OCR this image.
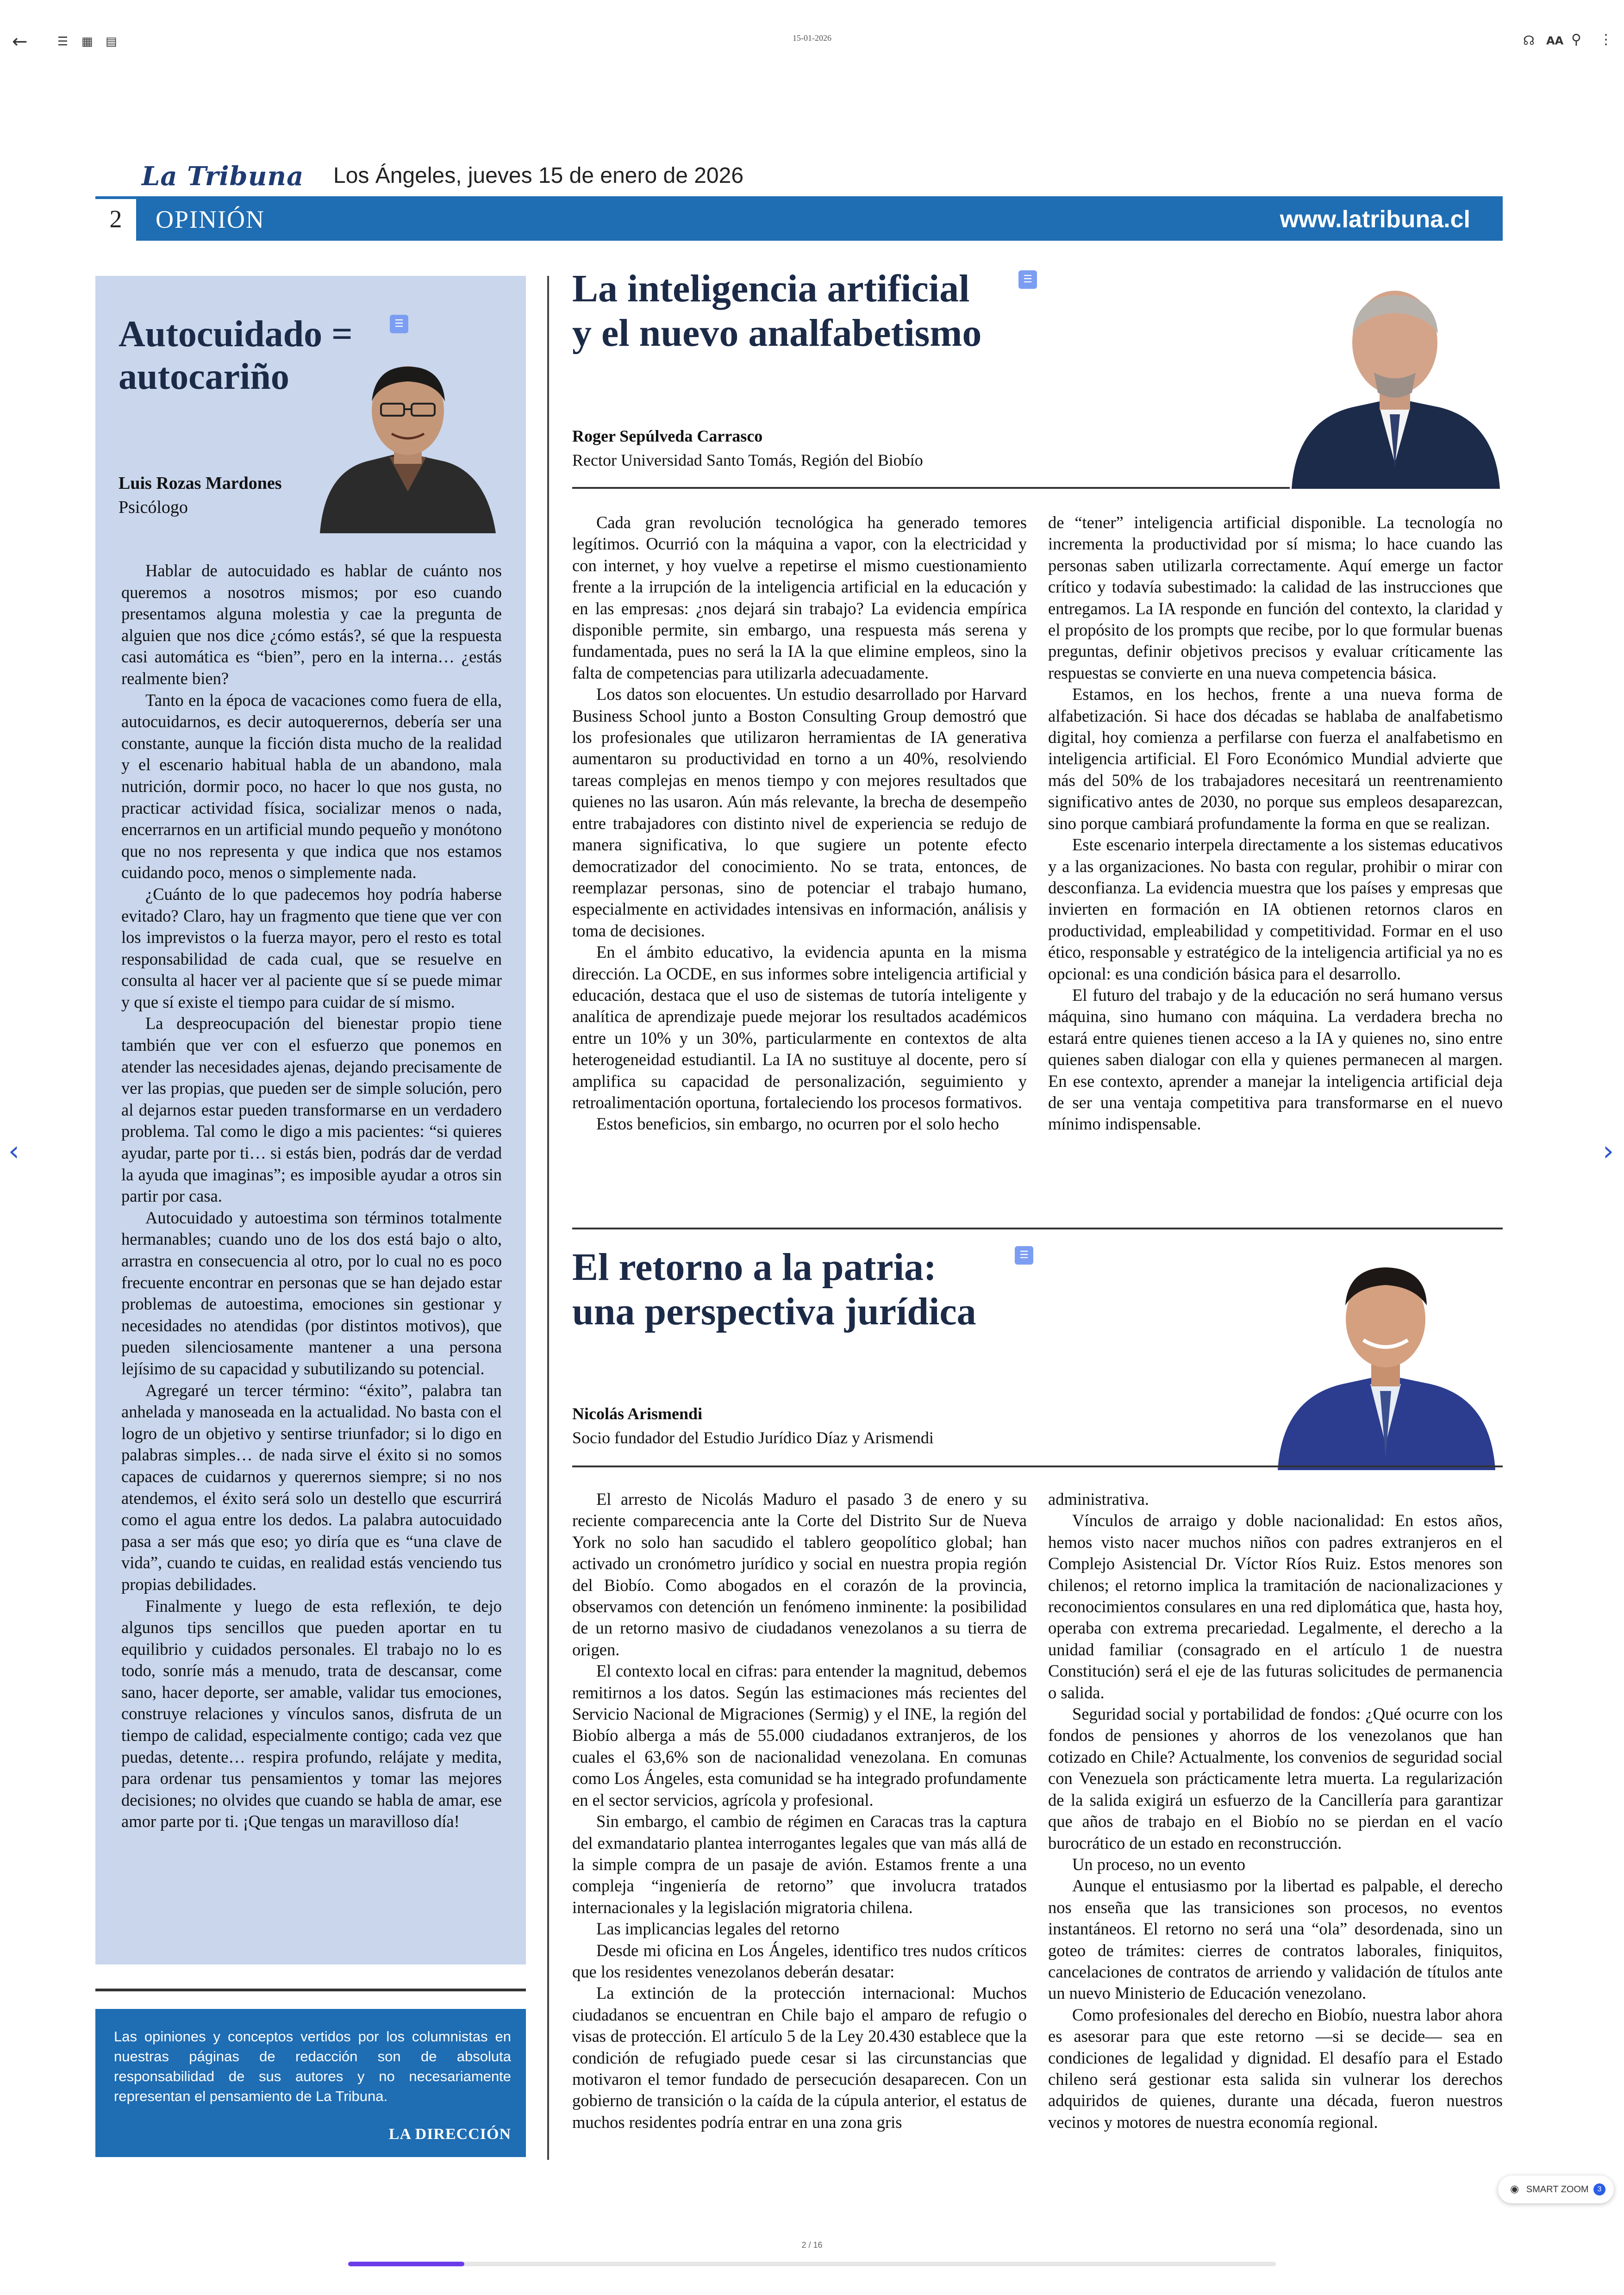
← ☰ ▦ ▤	15-01-2026	☊ AA ⚲ ⋮
La Tribuna Los Ángeles, jueves 15 de enero de 2026
2	OPINIÓN	www.latribuna.cl
Autocuidado =
autocariño
☰
Luis Rozas Mardones
Psicólogo

Hablar de autocuidado es hablar de cuánto nos queremos a nosotros mismos; por eso cuando presentamos alguna molestia y cae la pregunta de alguien que nos dice ¿cómo estás?, sé que la respuesta casi automática es “bien”, pero en la interna… ¿estás realmente bien?

Tanto en la época de vacaciones como fuera de ella, autocuidarnos, es decir autoquerernos, debería ser una constante, aunque la ficción dista mucho de la realidad y el escenario habitual habla de un abandono, mala nutrición, dormir poco, no hacer lo que nos gusta, no practicar actividad física, socializar menos o nada, encerrarnos en un artificial mundo pequeño y monótono que no nos representa y que indica que nos estamos cuidando poco, menos o simplemente nada.

¿Cuánto de lo que padecemos hoy podría haberse evitado? Claro, hay un fragmento que tiene que ver con los imprevistos o la fuerza mayor, pero el resto es total responsabilidad de cada cual, que se resuelve en consulta al hacer ver al paciente que sí se puede mimar y que sí existe el tiempo para cuidar de sí mismo.

La despreocupación del bienestar propio tiene también que ver con el esfuerzo que ponemos en atender las necesidades ajenas, dejando precisamente de ver las propias, que pueden ser de simple solución, pero al dejarnos estar pueden transformarse en un verdadero problema. Tal como le digo a mis pacientes: “si quieres ayudar, parte por ti… si estás bien, podrás dar de verdad la ayuda que imaginas”; es imposible ayudar a otros sin partir por casa.

Autocuidado y autoestima son términos totalmente hermanables; cuando uno de los dos está bajo o alto, arrastra en consecuencia al otro, por lo cual no es poco frecuente encontrar en personas que se han dejado estar problemas de autoestima, emociones sin gestionar y necesidades no atendidas (por distintos motivos), que pueden silenciosamente mantener a una persona lejísimo de su capacidad y subutilizando su potencial.

Agregaré un tercer término: “éxito”, palabra tan anhelada y manoseada en la actualidad. No basta con el logro de un objetivo y sentirse triunfador; si lo digo en palabras simples… de nada sirve el éxito si no somos capaces de cuidarnos y querernos siempre; si no nos atendemos, el éxito será solo un destello que escurrirá como el agua entre los dedos. La palabra autocuidado pasa a ser más que eso; yo diría que es “una clave de vida”, cuando te cuidas, en realidad estás venciendo tus propias debilidades.

Finalmente y luego de esta reflexión, te dejo algunos tips sencillos que pueden aportar en tu equilibrio y cuidados personales. El trabajo no lo es todo, sonríe más a menudo, trata de descansar, come sano, hacer deporte, ser amable, validar tus emociones, construye relaciones y vínculos sanos, disfruta de un tiempo de calidad, especialmente contigo; cada vez que puedas, detente… respira profundo, relájate y medita, para ordenar tus pensamientos y tomar las mejores decisiones; no olvides que cuando se habla de amar, ese amor parte por ti. ¡Que tengas un maravilloso día!

Las opiniones y conceptos vertidos por los columnistas en nuestras páginas de redacción son de absoluta responsabilidad de sus autores y no necesariamente representan el pensamiento de La Tribuna.
LA DIRECCIÓN
La inteligencia artificial
y el nuevo analfabetismo
☰
Roger Sepúlveda Carrasco
Rector Universidad Santo Tomás, Región del Biobío

Cada gran revolución tecnológica ha generado temores legítimos. Ocurrió con la máquina a vapor, con la electricidad y con internet, y hoy vuelve a repetirse el mismo cuestionamiento frente a la irrupción de la inteligencia artificial en la educación y en las empresas: ¿nos dejará sin trabajo? La evidencia empírica disponible permite, sin embargo, una respuesta más serena y fundamentada, pues no será la IA la que elimine empleos, sino la falta de competencias para utilizarla adecuadamente.

Los datos son elocuentes. Un estudio desarrollado por Harvard Business School junto a Boston Consulting Group demostró que los profesionales que utilizaron herramientas de IA generativa aumentaron su productividad en torno a un 40%, resolviendo tareas complejas en menos tiempo y con mejores resultados que quienes no las usaron. Aún más relevante, la brecha de desempeño entre trabajadores con distinto nivel de experiencia se redujo de manera significativa, lo que sugiere un potente efecto democratizador del conocimiento. No se trata, entonces, de reemplazar personas, sino de potenciar el trabajo humano, especialmente en actividades intensivas en información, análisis y toma de decisiones.

En el ámbito educativo, la evidencia apunta en la misma dirección. La OCDE, en sus informes sobre inteligencia artificial y educación, destaca que el uso de sistemas de tutoría inteligente y analítica de aprendizaje puede mejorar los resultados académicos entre un 10% y un 30%, particularmente en contextos de alta heterogeneidad estudiantil. La IA no sustituye al docente, pero sí amplifica su capacidad de personalización, seguimiento y retroalimentación oportuna, fortaleciendo los procesos formativos.

Estos beneficios, sin embargo, no ocurren por el solo hecho

de “tener” inteligencia artificial disponible. La tecnología no incrementa la productividad por sí misma; lo hace cuando las personas saben utilizarla correctamente. Aquí emerge un factor crítico y todavía subestimado: la calidad de las instrucciones que entregamos. La IA responde en función del contexto, la claridad y el propósito de los prompts que recibe, por lo que formular buenas preguntas, definir objetivos precisos y evaluar críticamente las respuestas se convierte en una nueva competencia básica.

Estamos, en los hechos, frente a una nueva forma de alfabetización. Si hace dos décadas se hablaba de analfabetismo digital, hoy comienza a perfilarse con fuerza el analfabetismo en inteligencia artificial. El Foro Económico Mundial advierte que más del 50% de los trabajadores necesitará un reentrenamiento significativo antes de 2030, no porque sus empleos desaparezcan, sino porque cambiará profundamente la forma en que se realizan.

Este escenario interpela directamente a los sistemas educativos y a las organizaciones. No basta con regular, prohibir o mirar con desconfianza. La evidencia muestra que los países y empresas que invierten en formación en IA obtienen retornos claros en productividad, empleabilidad y competitividad. Formar en el uso ético, responsable y estratégico de la inteligencia artificial ya no es opcional: es una condición básica para el desarrollo.

El futuro del trabajo y de la educación no será humano versus máquina, sino humano con máquina. La verdadera brecha no estará entre quienes tienen acceso a la IA y quienes no, sino entre quienes saben dialogar con ella y quienes permanecen al margen. En ese contexto, aprender a manejar la inteligencia artificial deja de ser una ventaja competitiva para transformarse en el nuevo mínimo indispensable.

El retorno a la patria:
una perspectiva jurídica
☰
Nicolás Arismendi
Socio fundador del Estudio Jurídico Díaz y Arismendi

El arresto de Nicolás Maduro el pasado 3 de enero y su reciente comparecencia ante la Corte del Distrito Sur de Nueva York no solo han sacudido el tablero geopolítico global; han activado un cronómetro jurídico y social en nuestra propia región del Biobío. Como abogados en el corazón de la provincia, observamos con detención un fenómeno inminente: la posibilidad de un retorno masivo de ciudadanos venezolanos a su tierra de origen.

El contexto local en cifras: para entender la magnitud, debemos remitirnos a los datos. Según las estimaciones más recientes del Servicio Nacional de Migraciones (Sermig) y el INE, la región del Biobío alberga a más de 55.000 ciudadanos extranjeros, de los cuales el 63,6% son de nacionalidad venezolana. En comunas como Los Ángeles, esta comunidad se ha integrado profundamente en el sector servicios, agrícola y profesional.

Sin embargo, el cambio de régimen en Caracas tras la captura del exmandatario plantea interrogantes legales que van más allá de la simple compra de un pasaje de avión. Estamos frente a una compleja “ingeniería de retorno” que involucra tratados internacionales y la legislación migratoria chilena.

Las implicancias legales del retorno

Desde mi oficina en Los Ángeles, identifico tres nudos críticos que los residentes venezolanos deberán desatar:

La extinción de la protección internacional: Muchos ciudadanos se encuentran en Chile bajo el amparo de refugio o visas de protección. El artículo 5 de la Ley 20.430 establece que la condición de refugiado puede cesar si las circunstancias que motivaron el temor fundado de persecución desaparecen. Con un gobierno de transición o la caída de la cúpula anterior, el estatus de muchos residentes podría entrar en una zona gris

administrativa.

Vínculos de arraigo y doble nacionalidad: En estos años, hemos visto nacer muchos niños con padres extranjeros en el Complejo Asistencial Dr. Víctor Ríos Ruiz. Estos menores son chilenos; el retorno implica la tramitación de nacionalizaciones y reconocimientos consulares en una red diplomática que, hasta hoy, operaba con extrema precariedad. Legalmente, el derecho a la unidad familiar (consagrado en el artículo 1 de nuestra Constitución) será el eje de las futuras solicitudes de permanencia o salida.

Seguridad social y portabilidad de fondos: ¿Qué ocurre con los fondos de pensiones y ahorros de los venezolanos que han cotizado en Chile? Actualmente, los convenios de seguridad social con Venezuela son prácticamente letra muerta. La regularización de la salida exigirá un esfuerzo de la Cancillería para garantizar que años de trabajo en el Biobío no se pierdan en el vacío burocrático de un estado en reconstrucción.

Un proceso, no un evento

Aunque el entusiasmo por la libertad es palpable, el derecho nos enseña que las transiciones son procesos, no eventos instantáneos. El retorno no será una “ola” desordenada, sino un goteo de trámites: cierres de contratos laborales, finiquitos, cancelaciones de contratos de arriendo y validación de títulos ante un nuevo Ministerio de Educación venezolano.

Como profesionales del derecho en Biobío, nuestra labor ahora es asesorar para que este retorno —si se decide— sea en condiciones de legalidad y dignidad. El desafío para el Estado chileno será gestionar esta salida sin vulnerar los derechos adquiridos de quienes, durante una década, fueron nuestros vecinos y motores de nuestra economía regional.

‹	›
◉ SMART ZOOM	3
2 / 16
